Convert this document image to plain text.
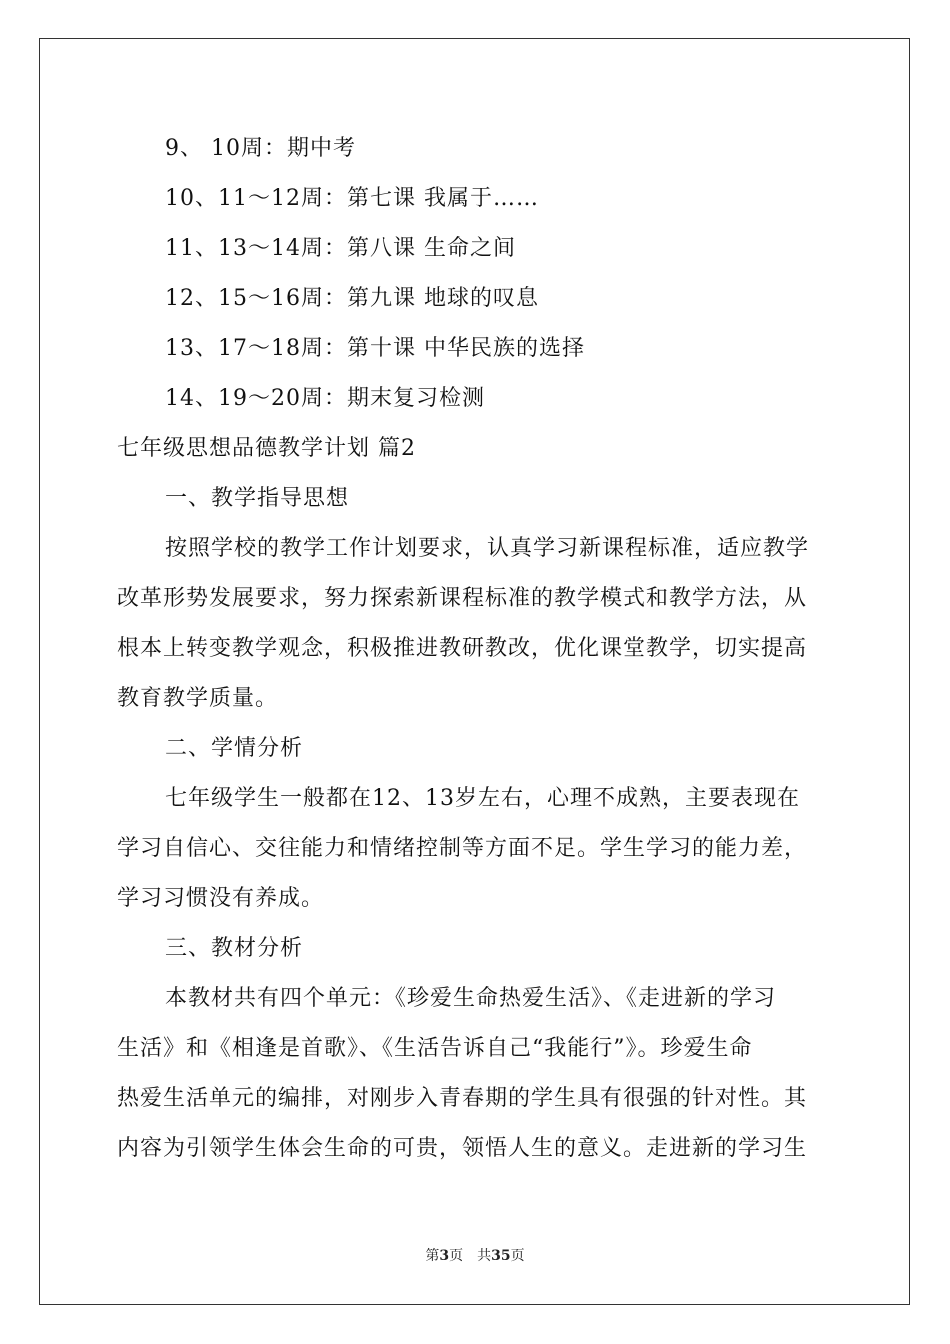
9、 10周：期中考
10、11～12周：第七课 我属于……
11、13～14周：第八课 生命之间
12、15～16周：第九课 地球的叹息
13、17～18周：第十课 中华民族的选择
14、19～20周：期末复习检测
七年级思想品德教学计划 篇2
一、教学指导思想
按照学校的教学工作计划要求，认真学习新课程标准，适应教学
改革形势发展要求，努力探索新课程标准的教学模式和教学方法，从
根本上转变教学观念，积极推进教研教改，优化课堂教学，切实提高
教育教学质量。
二、学情分析
七年级学生一般都在12、13岁左右，心理不成熟，主要表现在
学习自信心、交往能力和情绪控制等方面不足。学生学习的能力差，
学习习惯没有养成。
三、教材分析
本教材共有四个单元：《珍爱生命热爱生活》、《走进新的学习
生活》和《相逢是首歌》、《生活告诉自己“我能行”》。珍爱生命
热爱生活单元的编排，对刚步入青春期的学生具有很强的针对性。其
内容为引领学生体会生命的可贵，领悟人生的意义。走进新的学习生
第3页　共35页
